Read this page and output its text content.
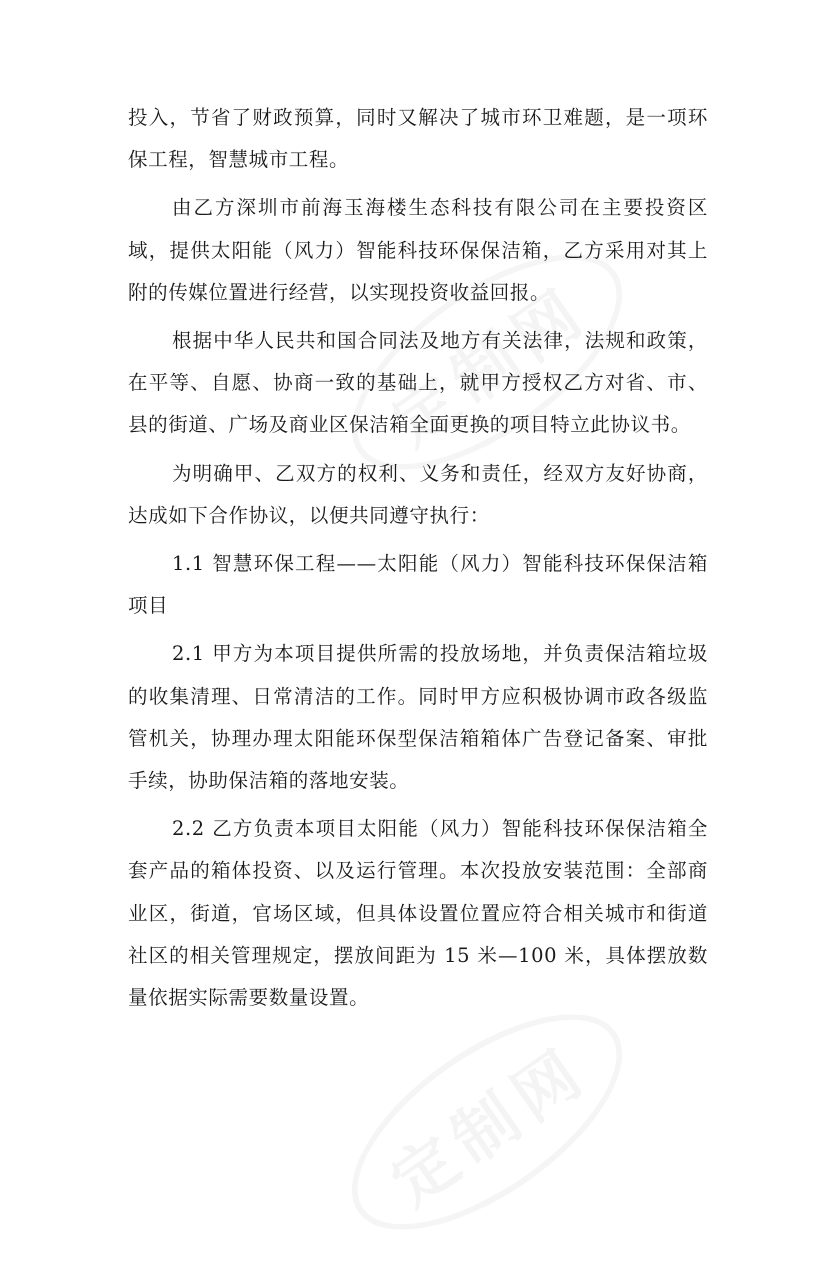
投入，节省了财政预算，同时又解决了城市环卫难题，是一项环保工程，智慧城市工程。

由乙方深圳市前海玉海楼生态科技有限公司在主要投资区域，提供太阳能（风力）智能科技环保保洁箱，乙方采用对其上附的传媒位置进行经营，以实现投资收益回报。

根据中华人民共和国合同法及地方有关法律，法规和政策，在平等、自愿、协商一致的基础上，就甲方授权乙方对省、市、县的街道、广场及商业区保洁箱全面更换的项目特立此协议书。

为明确甲、乙双方的权利、义务和责任，经双方友好协商，达成如下合作协议，以便共同遵守执行：

1.1 智慧环保工程——太阳能（风力）智能科技环保保洁箱项目

2.1 甲方为本项目提供所需的投放场地，并负责保洁箱垃圾的收集清理、日常清洁的工作。同时甲方应积极协调市政各级监管机关，协理办理太阳能环保型保洁箱箱体广告登记备案、审批手续，协助保洁箱的落地安装。

2.2 乙方负责本项目太阳能（风力）智能科技环保保洁箱全套产品的箱体投资、以及运行管理。本次投放安装范围：全部商业区，街道，官场区域，但具体设置位置应符合相关城市和街道社区的相关管理规定，摆放间距为 15 米—100 米，具体摆放数量依据实际需要数量设置。
